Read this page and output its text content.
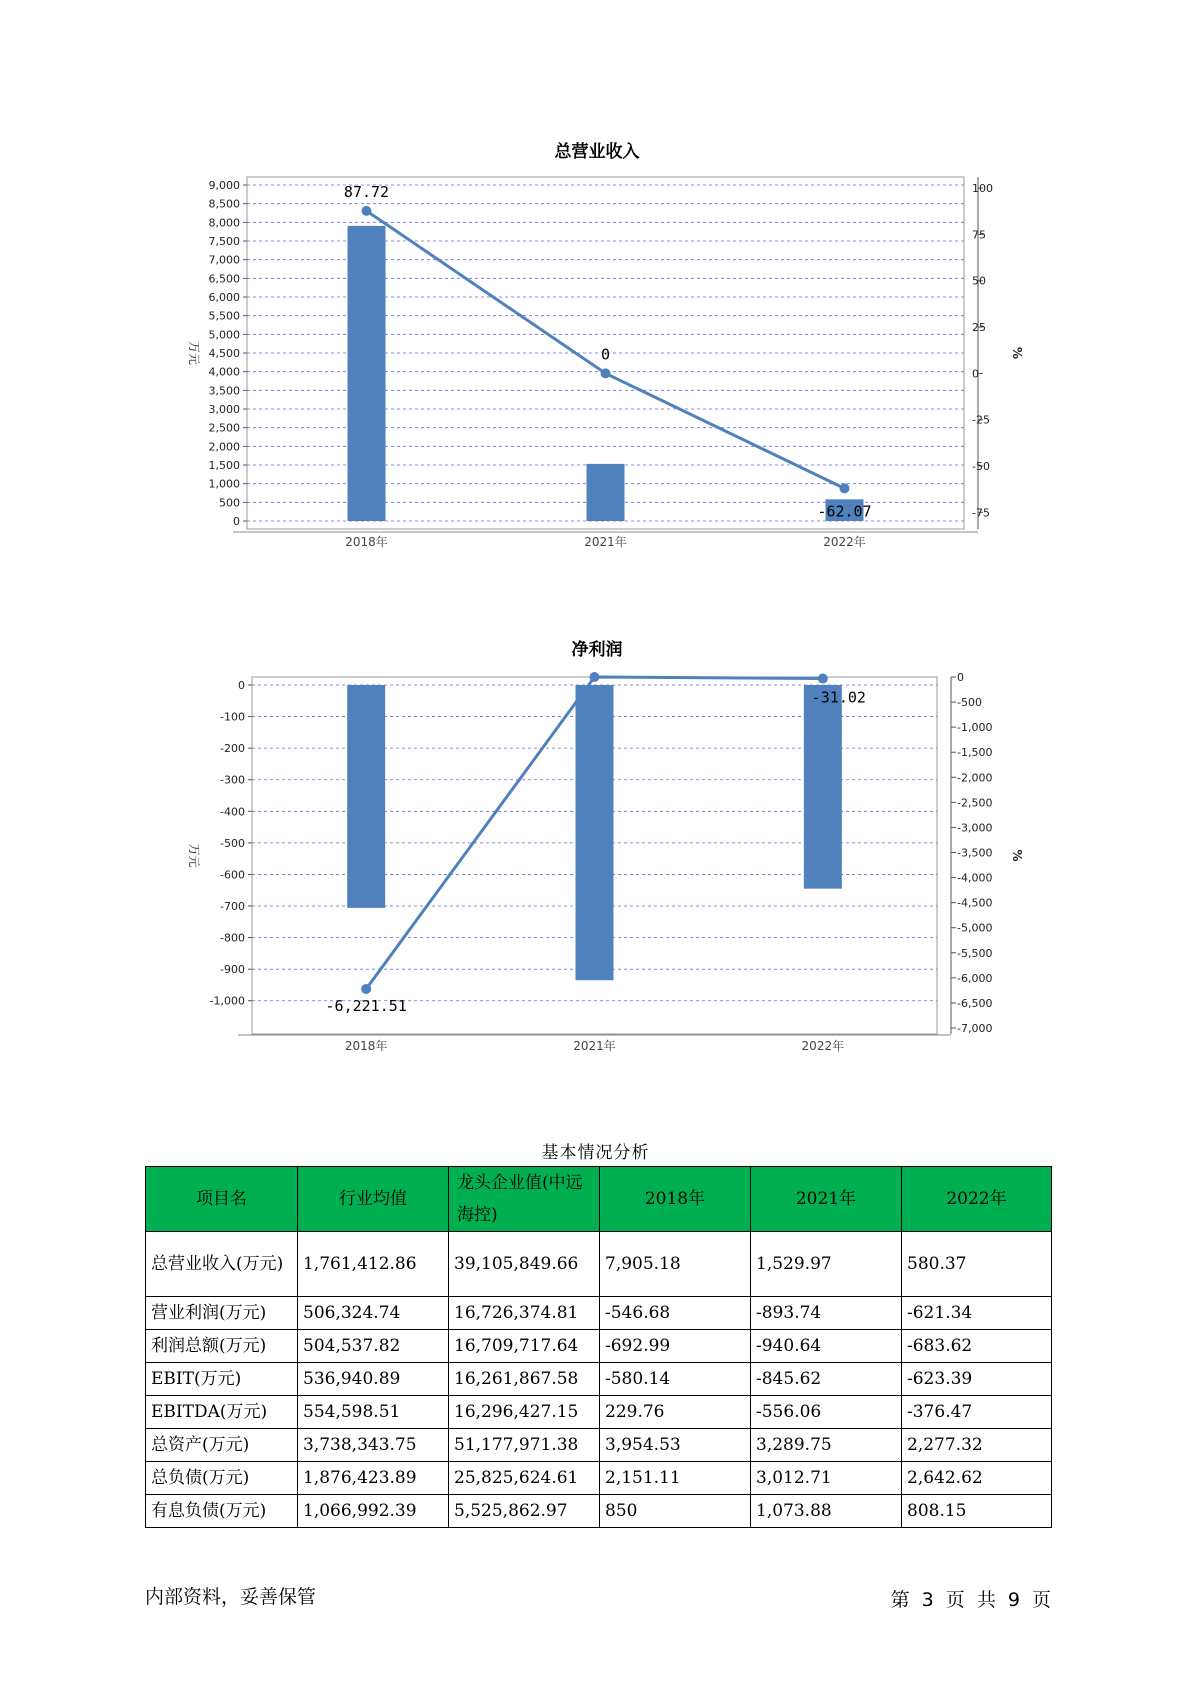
总营业收入
9,000
8,500
8,000
7,500
7,000
6,500
6,000
5,500
5,000
4,500
4,000
3,500
3,000
2,500
2,000
1,500
1,000
500
0
100
75
50
25
0
-25
-50
-75
万元	%
2018年	2021年	2022年
87.72
0
-62.07
净利润
0
-100
-200
-300
-400
-500
-600
-700
-800
-900
-1,000
0
-500
-1,000
-1,500
-2,000
-2,500
-3,000
-3,500
-4,000
-4,500
-5,000
-5,500
-6,000
-6,500
-7,000
万元	%
2018年	2021年	2022年
-6,221.51
-31.02
基本情况分析
项目名	行业均值	龙头企业值(中远海控)	2018年	2021年	2022年
总营业收入(万元)	1,761,412.86	39,105,849.66	7,905.18	1,529.97	580.37
营业利润(万元)	506,324.74	16,726,374.81	-546.68	-893.74	-621.34
利润总额(万元)	504,537.82	16,709,717.64	-692.99	-940.64	-683.62
EBIT(万元)	536,940.89	16,261,867.58	-580.14	-845.62	-623.39
EBITDA(万元)	554,598.51	16,296,427.15	229.76	-556.06	-376.47
总资产(万元)	3,738,343.75	51,177,971.38	3,954.53	3,289.75	2,277.32
总负债(万元)	1,876,423.89	25,825,624.61	2,151.11	3,012.71	2,642.62
有息负债(万元)	1,066,992.39	5,525,862.97	850	1,073.88	808.15
内部资料，妥善保管	第 3 页 共 9 页
